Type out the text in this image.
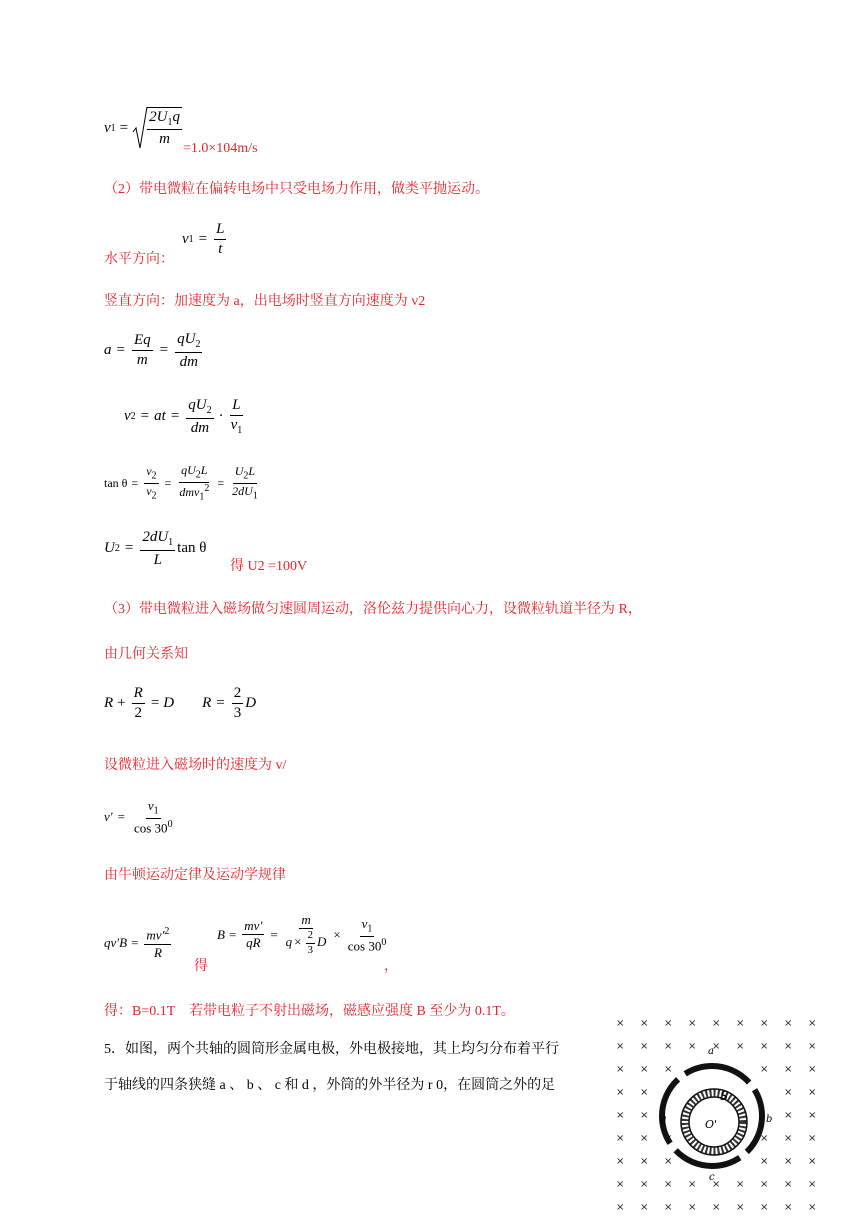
v $1 = \frac{2U_1q}{m} =1.0\times 104m/s$
（2）带电微粒在偏转电场中只受电场力作用，做类平抛运动。
v $1 = \frac{L}{t}$
水平方向：
竖直方向：加速度为 a，出电场时竖直方向速度为 v2
$a = \frac{Eq}{m} = \frac{qU_2}{dm}$
v 2 = at = $\frac{qU_2}{dm} \cdot \frac{L}{v_1}$
$\tan \theta = \frac{v_2}{v_2} = \frac{qU_2L}{dmv_1^2} = \frac{U_2L}{2dU_1}$
U $2 = \frac{2dU_1}{L}$ tan θ
得 U2 =100V
（3）带电微粒进入磁场做匀速圆周运动，洛伦兹力提供向心力，设微粒轨道半径为 R，
由几何关系知
$R + \frac{R}{2} = D$ $R = \frac{2}{3}$ D
设微粒进入磁场时的速度为 v/
$v' = \frac{v_1}{\cos 30^0}$
由牛顿运动定律及运动学规律
$qv'B = \frac{mv'^2}{R}$
得
$B = \frac{mv'}{qR} = \frac{m}{q \times \frac{2}{3} D} \times \frac{v_1}{\cos 30^0}$
，
得：B=0.1T　若带电粒子不射出磁场，磁感应强度 B 至少为 0.1T。
5．如图，两个共轴的圆筒形金属电极，外电极接地，其上均匀分布着平行
于轴线的四条狭缝 a 、 b 、 c 和 d ，外筒的外半径为 r 0，在圆筒之外的足
× × × × × × × × ×
× × × × × × × × ×
× × ×	× × ×
× ×	× ×
× ×	× ×
× × ×	× × ×
× × ×	× × ×
× × × × × × × × ×
× × × × × × × × ×
a
b
c
d
S
O'
